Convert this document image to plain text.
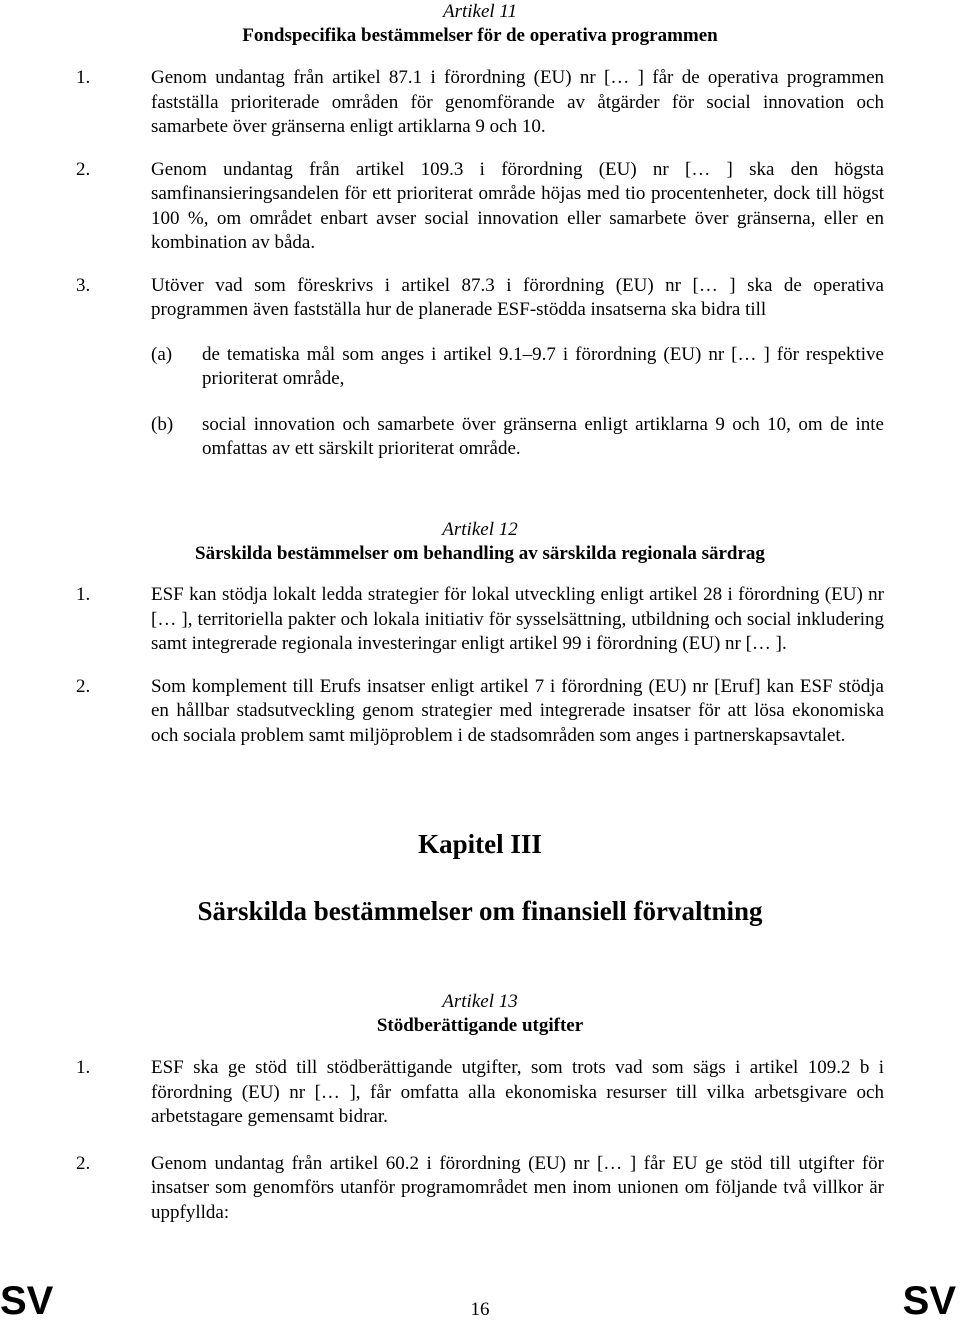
Artikel 11

Fondspecifika bestämmelser för de operativa programmen

1.	Genom undantag från artikel 87.1 i förordning (EU) nr [… ] får de operativa programmen fastställa prioriterade områden för genomförande av åtgärder för social innovation och samarbete över gränserna enligt artiklarna 9 och 10.
2.	Genom undantag från artikel 109.3 i förordning (EU) nr [… ] ska den högsta samfinansieringsandelen för ett prioriterat område höjas med tio procentenheter, dock till högst 100 %, om området enbart avser social innovation eller samarbete över gränserna, eller en kombination av båda.
3.	Utöver vad som föreskrivs i artikel 87.3 i förordning (EU) nr [… ] ska de operativa programmen även fastställa hur de planerade ESF-stödda insatserna ska bidra till
(a)	de tematiska mål som anges i artikel 9.1–9.7 i förordning (EU) nr [… ] för respektive prioriterat område,
(b)	social innovation och samarbete över gränserna enligt artiklarna 9 och 10, om de inte omfattas av ett särskilt prioriterat område.

Artikel 12

Särskilda bestämmelser om behandling av särskilda regionala särdrag

1.	ESF kan stödja lokalt ledda strategier för lokal utveckling enligt artikel 28 i förordning (EU) nr [… ], territoriella pakter och lokala initiativ för sysselsättning, utbildning och social inkludering samt integrerade regionala investeringar enligt artikel 99 i förordning (EU) nr [… ].
2.	Som komplement till Erufs insatser enligt artikel 7 i förordning (EU) nr [Eruf] kan ESF stödja en hållbar stadsutveckling genom strategier med integrerade insatser för att lösa ekonomiska och sociala problem samt miljöproblem i de stadsområden som anges i partnerskapsavtalet.

Kapitel III

Särskilda bestämmelser om finansiell förvaltning

Artikel 13

Stödberättigande utgifter

1.	ESF ska ge stöd till stödberättigande utgifter, som trots vad som sägs i artikel 109.2 b i förordning (EU) nr [… ], får omfatta alla ekonomiska resurser till vilka arbetsgivare och arbetstagare gemensamt bidrar.
2.	Genom undantag från artikel 60.2 i förordning (EU) nr [… ] får EU ge stöd till utgifter för insatser som genomförs utanför programområdet men inom unionen om följande två villkor är uppfyllda:
SV	16	SV
